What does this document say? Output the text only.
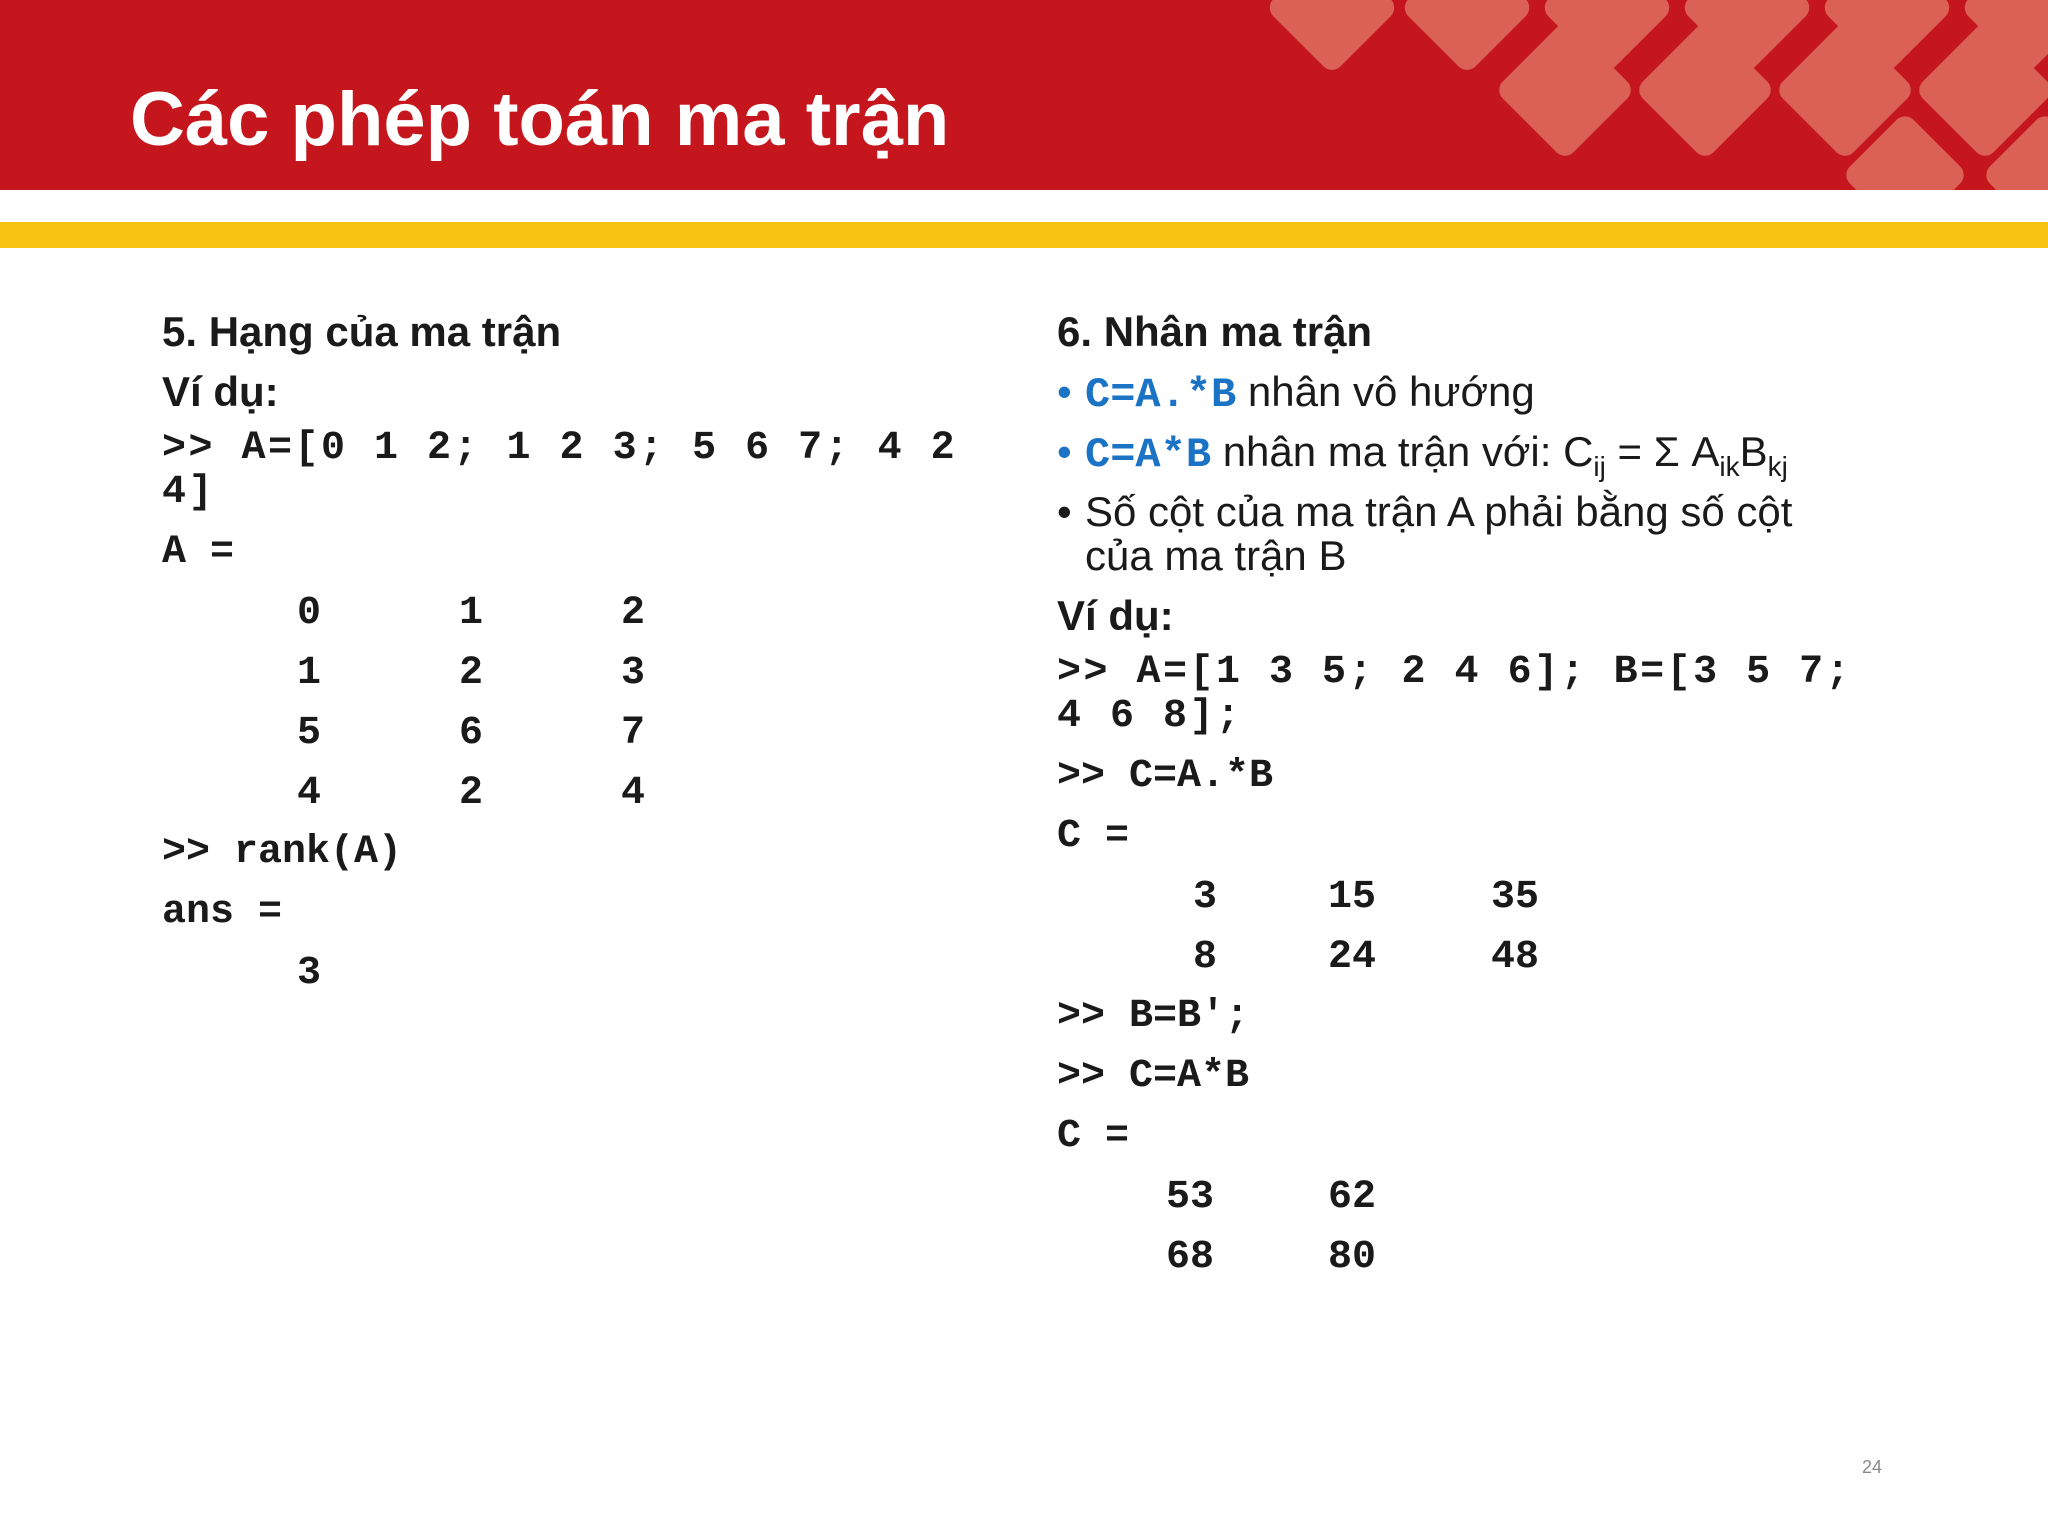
Các phép toán ma trận
5. Hạng của ma trận
Ví dụ:
>> A=[0 1 2; 1 2 3; 5 6 7; 4 2
4]
A =
0	1	2
1	2	3
5	6	7
4	2	4
>> rank(A)
ans =
3
6. Nhân ma trận
• C=A.*B nhân vô hướng
• C=A*B nhân ma trận với: $C_{ij} = \Sigma$ $A_{ik}B_{kj}$
• Số cột của ma trận A phải bằng số cột
của ma trận B
Ví dụ:
>> A=[1 3 5; 2 4 6]; B=[3 5 7;
4 6 8];
>> C=A.*B
C =
3	15	35
8	24	48
>> B=B';
>> C=A*B
C =
53	62
68	80
24
